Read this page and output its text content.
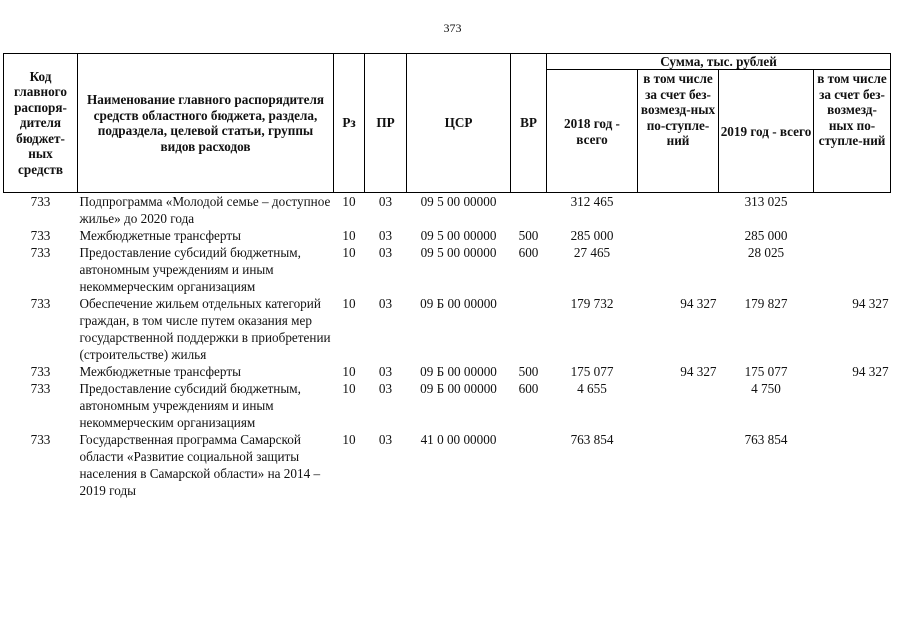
373
Код главного распоря-дителя бюджет-ных средств	Наименование главного распорядителя средств областного бюджета, раздела, подраздела, целевой статьи, группы видов расходов	Рз	ПР	ЦСР	ВР	Сумма, тыс. рублей			
						2018 год - всего	в том числе за счет без-возмезд-ных по-ступле-ний	2019 год - всего	в том числе за счет без-возмезд-ных по-ступле-ний
733	Подпрограмма «Молодой семье – доступное жилье» до 2020 года	10	03	09 5 00 00000		312 465		313 025	
733	Межбюджетные трансферты	10	03	09 5 00 00000	500	285 000		285 000	
733	Предоставление субсидий бюджетным, автономным учреждениям и иным некоммерческим организациям	10	03	09 5 00 00000	600	27 465		28 025	
733	Обеспечение жильем отдельных категорий граждан, в том числе путем оказания мер государственной поддержки в приобретении (строительстве) жилья	10	03	09 Б 00 00000		179 732	94 327	179 827	94 327
733	Межбюджетные трансферты	10	03	09 Б 00 00000	500	175 077	94 327	175 077	94 327
733	Предоставление субсидий бюджетным, автономным учреждениям и иным некоммерческим организациям	10	03	09 Б 00 00000	600	4 655		4 750	
733	Государственная программа Самарской области «Развитие социальной защиты населения в Самарской области» на 2014 – 2019 годы	10	03	41 0 00 00000		763 854		763 854	
